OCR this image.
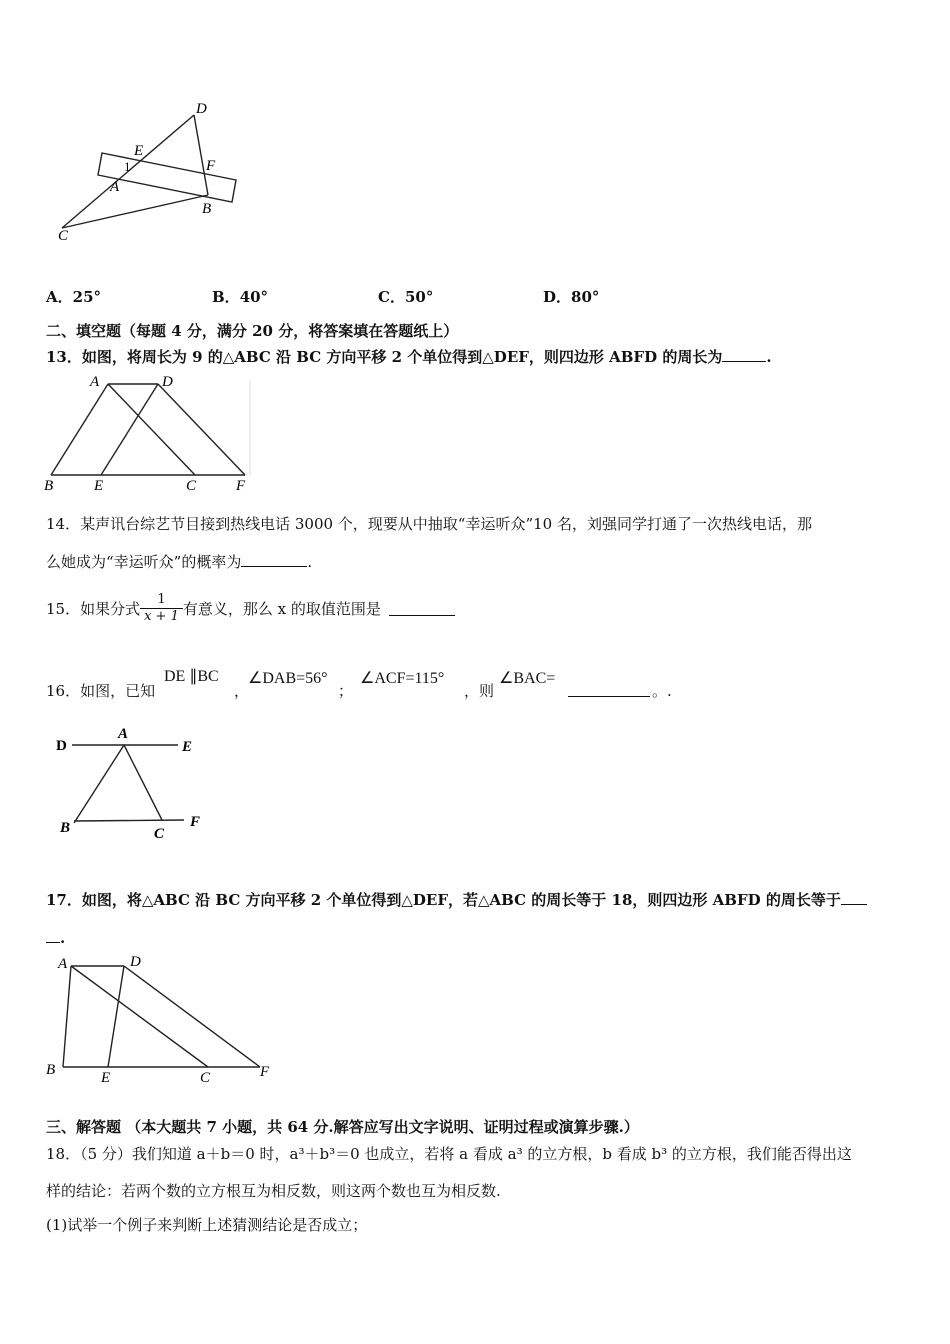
D
E
1	F
A
B
C
A．25°	B．40°	C．50°	D．80°
二、填空题（每题 4 分，满分 20 分，将答案填在答题纸上）
13．如图，将周长为 9 的△ABC 沿 BC 方向平移 2 个单位得到△DEF，则四边形 ABFD 的周长为	.
A	D
B	E	C	F
14．某声讯台综艺节目接到热线电话 3000 个，现要从中抽取“幸运听众”10 名，刘强同学打通了一次热线电话，那
么她成为“幸运听众”的概率为	.
15．如果分式 $\frac{1}{x + 1}$ 有意义，那么 x 的取值范围是
16．如图，已知
DE ∥BC
，
∠DAB=56°
；
∠ACF=115°
，则
∠BAC=
。.
D
A
E
B	C
F
17．如图，将△ABC 沿 BC 方向平移 2 个单位得到△DEF，若△ABC 的周长等于 18，则四边形 ABFD 的周长等于
.
A	D
B	E	C	F
三、解答题 （本大题共 7 小题，共 64 分.解答应写出文字说明、证明过程或演算步骤.）
18．（5 分）我们知道 a＋b＝0 时，a³＋b³＝0 也成立，若将 a 看成 a³ 的立方根，b 看成 b³ 的立方根，我们能否得出这
样的结论：若两个数的立方根互为相反数，则这两个数也互为相反数.
(1)试举一个例子来判断上述猜测结论是否成立；
